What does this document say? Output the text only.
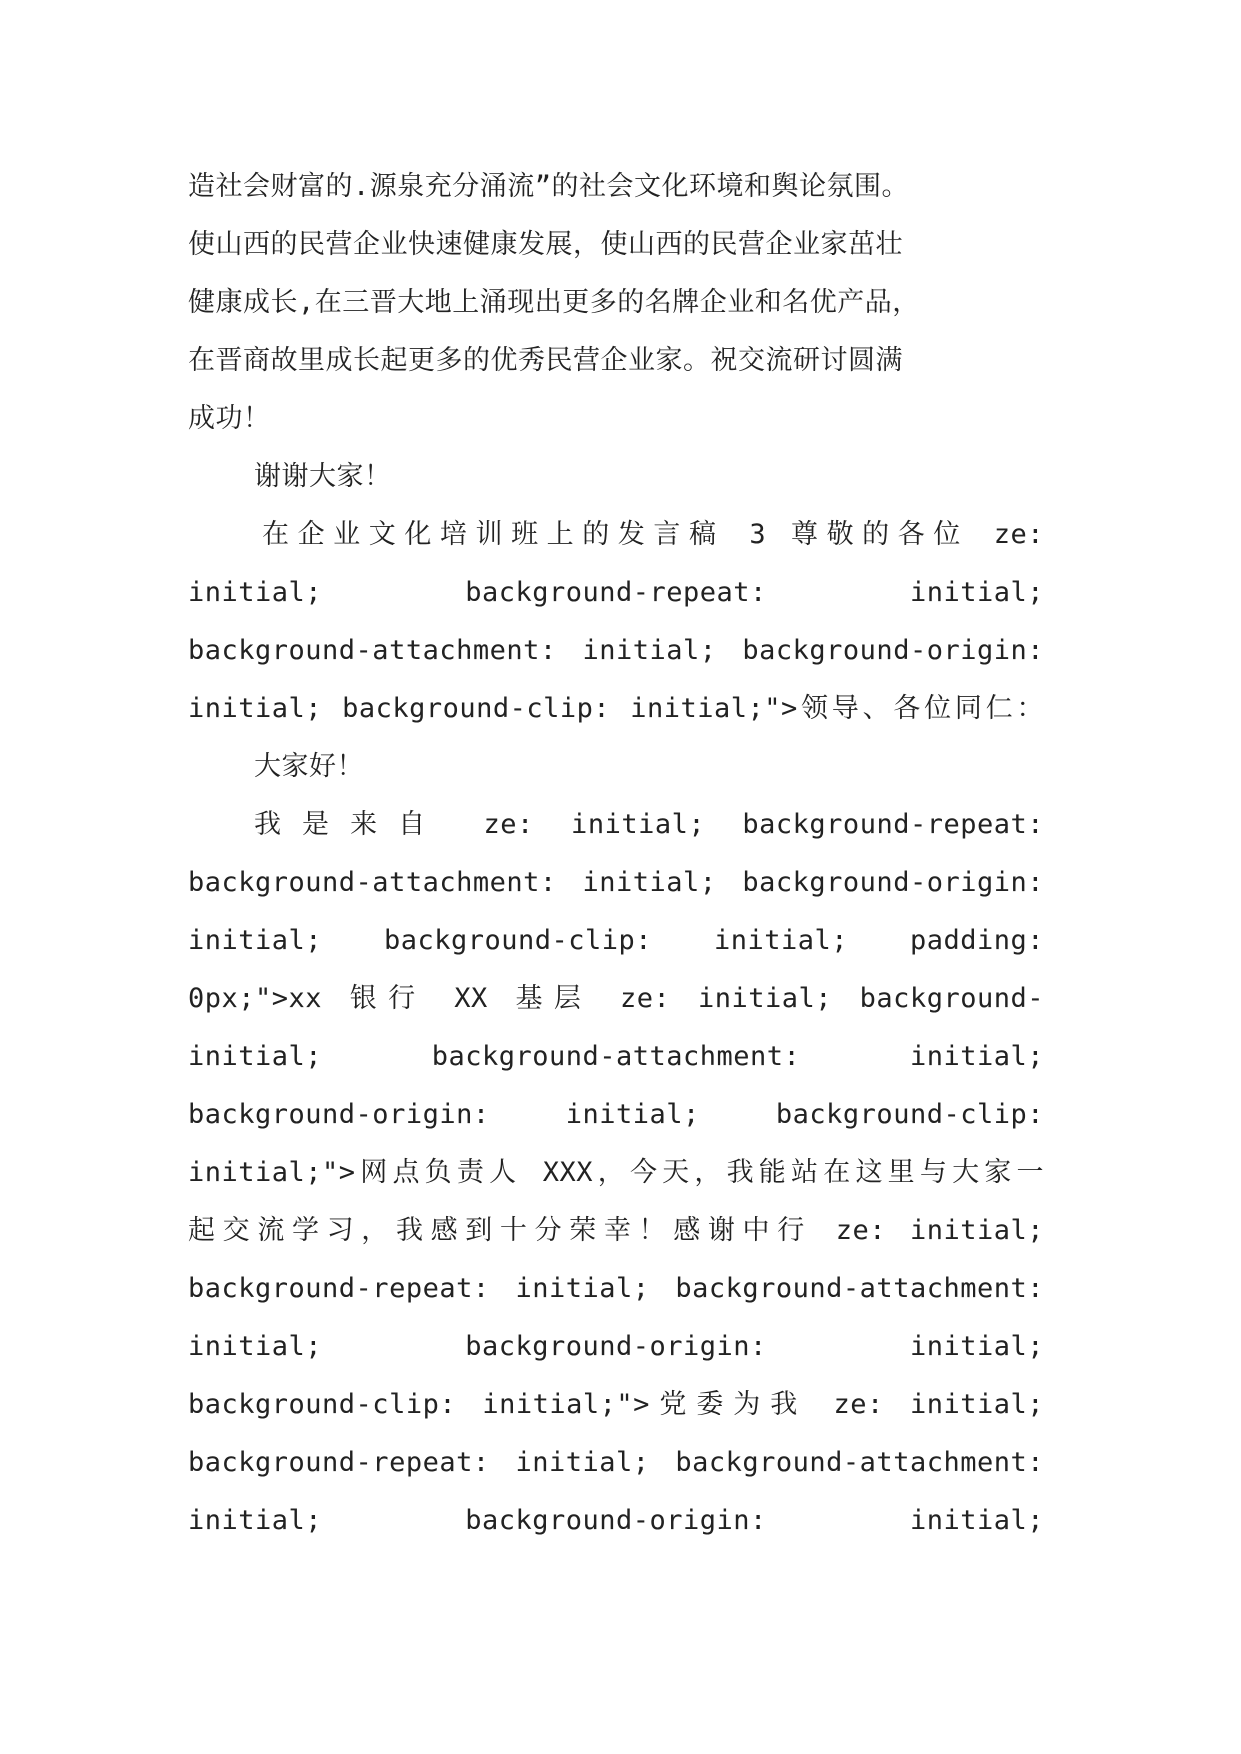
造社会财富的.源泉充分涌流”的社会文化环境和舆论氛围。
使山西的民营企业快速健康发展，使山西的民营企业家茁壮
健康成长,在三晋大地上涌现出更多的名牌企业和名优产品，
在晋商故里成长起更多的优秀民营企业家。祝交流研讨圆满
成功！
谢谢大家！
在企业文化培训班上的发言稿 3 尊敬的各位 ze:
initial; background-repeat: initial;
background-attachment: initial; background-origin:
initial; background-clip: initial;">领导、各位同仁：
大家好！
我是来自 ze: initial; background-repeat:
background-attachment: initial; background-origin:
initial; background-clip: initial; padding:
0px;">xx 银行 XX 基层 ze: initial; background-
initial; background-attachment: initial;
background-origin: initial; background-clip:
initial;">网点负责人 XXX，今天，我能站在这里与大家一
起交流学习，我感到十分荣幸！感谢中行 ze: initial;
background-repeat: initial; background-attachment:
initial; background-origin: initial;
background-clip: initial;">党委为我 ze: initial;
background-repeat: initial; background-attachment:
initial; background-origin: initial;
